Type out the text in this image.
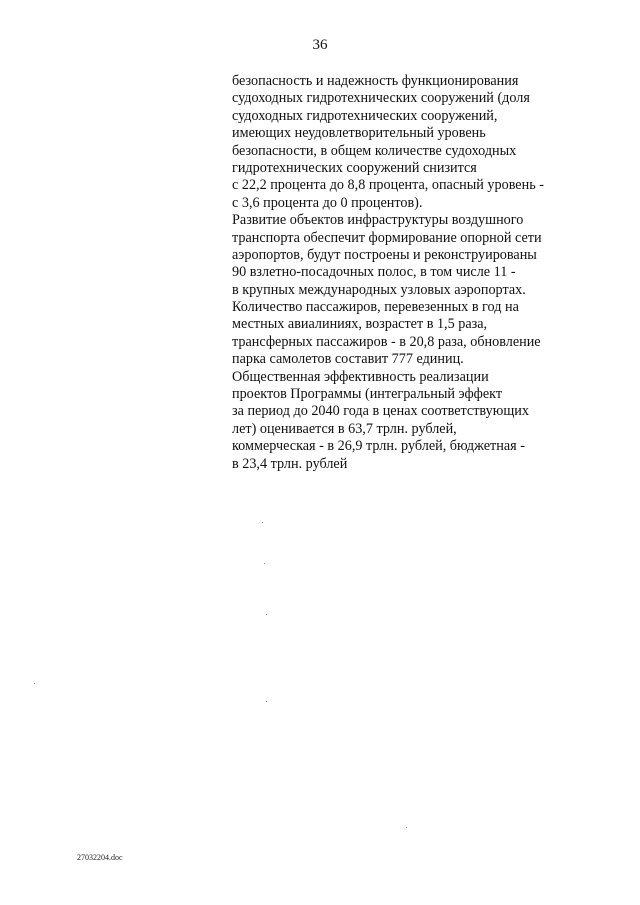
36
безопасность и надежность функционирования
судоходных гидротехнических сооружений (доля
судоходных гидротехнических сооружений,
имеющих неудовлетворительный уровень
безопасности, в общем количестве судоходных
гидротехнических сооружений снизится
с 22,2 процента до 8,8 процента, опасный уровень -
с 3,6 процента до 0 процентов).
Развитие объектов инфраструктуры воздушного
транспорта обеспечит формирование опорной сети
аэропортов, будут построены и реконструированы
90 взлетно-посадочных полос, в том числе 11 -
в крупных международных узловых аэропортах.
Количество пассажиров, перевезенных в год на
местных авиалиниях, возрастет в 1,5 раза,
трансферных пассажиров - в 20,8 раза, обновление
парка самолетов составит 777 единиц.
Общественная эффективность реализации
проектов Программы (интегральный эффект
за период до 2040 года в ценах соответствующих
лет) оценивается в 63,7 трлн. рублей,
коммерческая - в 26,9 трлн. рублей, бюджетная -
в 23,4 трлн. рублей
27032204.doc
